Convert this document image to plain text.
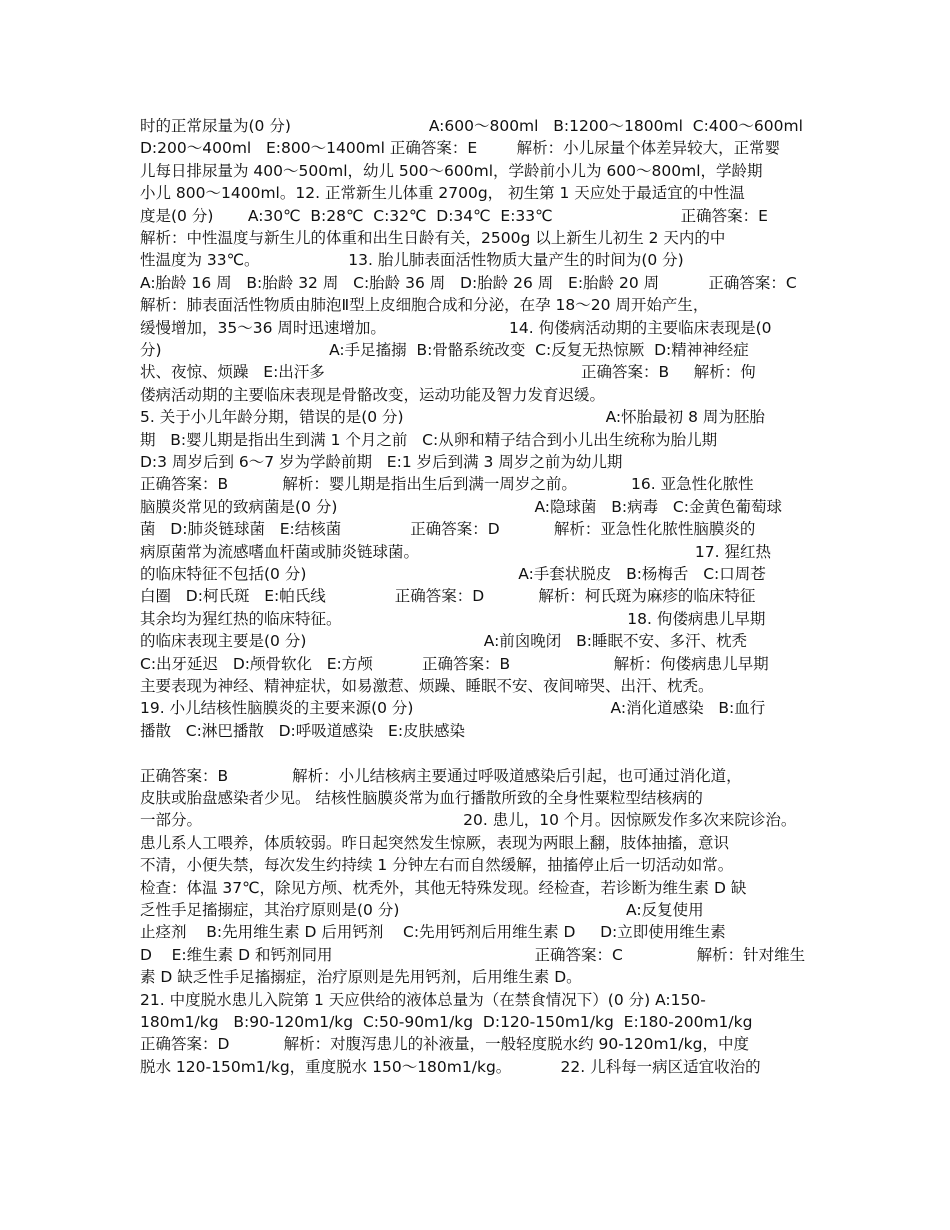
时的正常尿量为(0 分)                            A:600～800ml   B:1200～1800ml  C:400～600ml
D:200～400ml   E:800～1400ml 正确答案：E        解析：小儿尿量个体差异较大，正常婴
儿每日排尿量为 400～500ml，幼儿 500～600ml，学龄前小儿为 600～800ml，学龄期
小儿 800～1400ml。12. 正常新生儿体重 2700g， 初生第 1 天应处于最适宜的中性温
度是(0 分)       A:30℃  B:28℃  C:32℃  D:34℃  E:33℃                          正确答案：E
解析：中性温度与新生儿的体重和出生日龄有关，2500g 以上新生儿初生 2 天内的中
性温度为 33℃。                  13. 胎儿肺表面活性物质大量产生的时间为(0 分)
A:胎龄 16 周   B:胎龄 32 周   C:胎龄 36 周   D:胎龄 26 周   E:胎龄 20 周          正确答案：C
解析：肺表面活性物质由肺泡Ⅱ型上皮细胞合成和分泌，在孕 18～20 周开始产生，
缓慢增加，35～36 周时迅速增加。                         14. 佝偻病活动期的主要临床表现是(0
分)                                  A:手足搐搦  B:骨骼系统改变  C:反复无热惊厥  D:精神神经症
状、夜惊、烦躁   E:出汗多                                                    正确答案：B     解析：佝
偻病活动期的主要临床表现是骨骼改变，运动功能及智力发育迟缓。
5. 关于小儿年龄分期，错误的是(0 分)                                         A:怀胎最初 8 周为胚胎
期   B:婴儿期是指出生到满 1 个月之前   C:从卵和精子结合到小儿出生统称为胎儿期
D:3 周岁后到 6～7 岁为学龄前期   E:1 岁后到满 3 周岁之前为幼儿期
正确答案：B           解析：婴儿期是指出生后到满一周岁之前。           16. 亚急性化脓性
脑膜炎常见的致病菌是(0 分)                                        A:隐球菌   B:病毒   C:金黄色葡萄球
菌   D:肺炎链球菌   E:结核菌              正确答案：D           解析：亚急性化脓性脑膜炎的
病原菌常为流感嗜血杆菌或肺炎链球菌。                                                        17. 猩红热
的临床特征不包括(0 分)                                           A:手套状脱皮   B:杨梅舌   C:口周苍
白圈   D:柯氏斑   E:帕氏线              正确答案：D           解析：柯氏斑为麻疹的临床特征
其余均为猩红热的临床特征。                                                          18. 佝偻病患儿早期
的临床表现主要是(0 分)                                    A:前囟晚闭   B:睡眠不安、多汗、枕秃
C:出牙延迟   D:颅骨软化   E:方颅          正确答案：B                     解析：佝偻病患儿早期
主要表现为神经、精神症状，如易激惹、烦躁、睡眠不安、夜间啼哭、出汗、枕秃。
19. 小儿结核性脑膜炎的主要来源(0 分)                                        A:消化道感染   B:血行
播散   C:淋巴播散   D:呼吸道感染   E:皮肤感染
正确答案：B             解析：小儿结核病主要通过呼吸道感染后引起，也可通过消化道，
皮肤或胎盘感染者少见。 结核性脑膜炎常为血行播散所致的全身性粟粒型结核病的
一部分。                                                     20. 患儿，10 个月。因惊厥发作多次来院诊治。
患儿系人工喂养，体质较弱。昨日起突然发生惊厥，表现为两眼上翻，肢体抽搐，意识
不清，小便失禁，每次发生约持续 1 分钟左右而自然缓解，抽搐停止后一切活动如常。
检查：体温 37℃，除见方颅、枕秃外，其他无特殊发现。经检查，若诊断为维生素 D 缺
乏性手足搐搦症，其治疗原则是(0 分)                                              A:反复使用
止痉剂    B:先用维生素 D 后用钙剂    C:先用钙剂后用维生素 D     D:立即使用维生素
D    E:维生素 D 和钙剂同用                                         正确答案：C               解析：针对维生
素 D 缺乏性手足搐搦症，治疗原则是先用钙剂，后用维生素 D。
21. 中度脱水患儿入院第 1 天应供给的液体总量为（在禁食情况下）(0 分) A:150-
180m1/kg   B:90-120m1/kg  C:50-90m1/kg  D:120-150m1/kg  E:180-200m1/kg
正确答案：D           解析：对腹泻患儿的补液量，一般轻度脱水约 90-120m1/kg，中度
脱水 120-150m1/kg，重度脱水 150～180m1/kg。          22. 儿科每一病区适宜收治的
